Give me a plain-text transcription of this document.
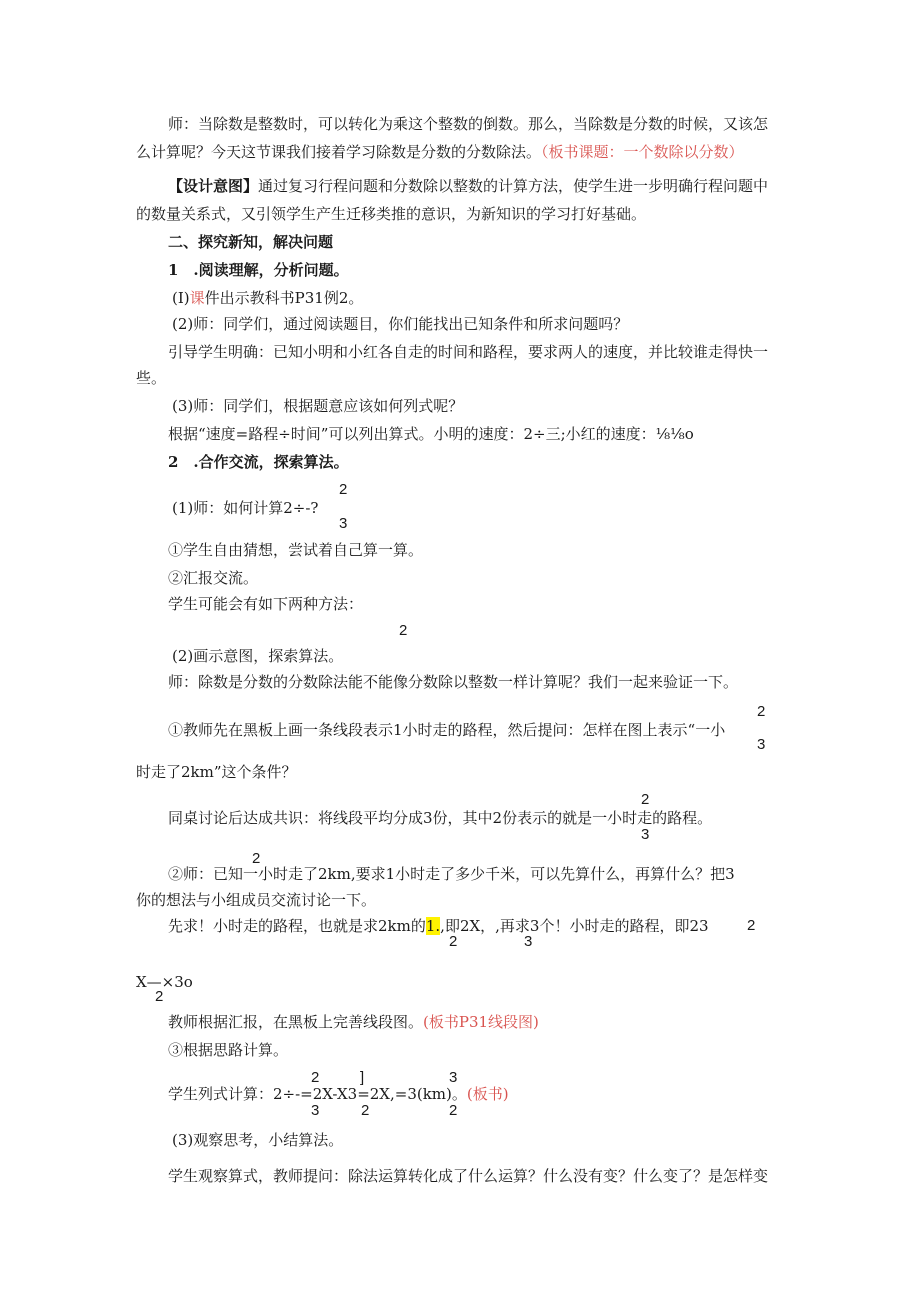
师：当除数是整数时，可以转化为乘这个整数的倒数。那么，当除数是分数的时候，又该怎
么计算呢？今天这节课我们接着学习除数是分数的分数除法。（板书课题：一个数除以分数）
【设计意图】通过复习行程问题和分数除以整数的计算方法，使学生进一步明确行程问题中
的数量关系式，又引领学生产生迁移类推的意识，为新知识的学习打好基础。
二、探究新知，解决问题
1　.阅读理解，分析问题。
(I)课件出示教科书P31例2。
(2)师：同学们，通过阅读题目，你们能找出已知条件和所求问题吗？
引导学生明确：已知小明和小红各自走的时间和路程，要求两人的速度，并比较谁走得快一
些。
(3)师：同学们，根据题意应该如何列式呢？
根据“速度=路程÷时间”可以列出算式。小明的速度：2÷三;小红的速度：⅛⅛o
2　.合作交流，探索算法。
2
(1)师：如何计算2÷-?
3
①学生自由猜想，尝试着自己算一算。
②汇报交流。
学生可能会有如下两种方法：
2
(2)画示意图，探索算法。
师：除数是分数的分数除法能不能像分数除以整数一样计算呢？我们一起来验证一下。
2
①教师先在黑板上画一条线段表示1小时走的路程，然后提问：怎样在图上表示“一小
3
时走了2km”这个条件？
2
同桌讨论后达成共识：将线段平均分成3份，其中2份表示的就是一小时走的路程。
3
2
②师：已知一小时走了2km,要求1小时走了多少千米，可以先算什么，再算什么？把3
你的想法与小组成员交流讨论一下。
先求！小时走的路程，也就是求2km的1.,即2X，,再求3个！小时走的路程，即23	2
2	3
X—×3o
2
教师根据汇报，在黑板上完善线段图。(板书P31线段图)
③根据思路计算。
2	]	3
学生列式计算：2÷-=2X-X3=2X,=3(km)。(板书)
3	2	2
(3)观察思考，小结算法。
学生观察算式，教师提问：除法运算转化成了什么运算？什么没有变？什么变了？是怎样变
